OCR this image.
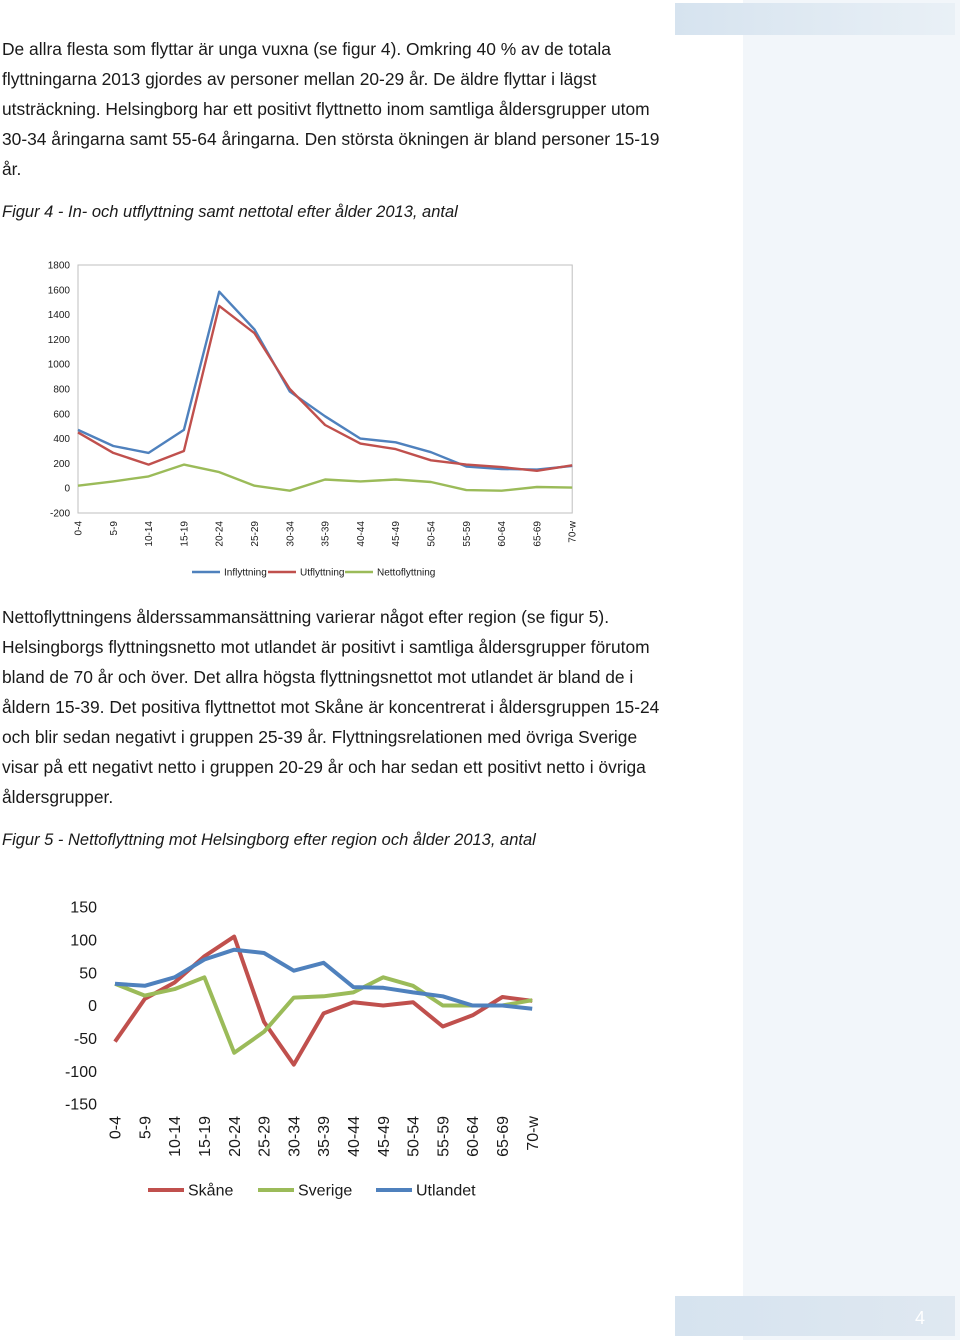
De allra flesta som flyttar är unga vuxna (se figur 4). Omkring 40 % av de totala flyttningarna 2013 gjordes av personer mellan 20-29 år. De äldre flyttar i lägst utsträckning. Helsingborg har ett positivt flyttnetto inom samtliga åldersgrupper utom 30-34 åringarna samt 55-64 åringarna. Den största ökningen är bland personer 15-19 år.

Figur 4 - In- och utflyttning samt nettotal efter ålder 2013, antal

-200
0
200
400
600
800
1000
1200
1400
1600
1800
0-4 5-9 10-14 15-19 20-24 25-29 30-34 35-39 40-44 45-49 50-54 55-59 60-64 65-69 70-w
Inflyttning	Utflyttning	Nettoflyttning

Nettoflyttningens ålderssammansättning varierar något efter region (se figur 5). Helsingborgs flyttningsnetto mot utlandet är positivt i samtliga åldersgrupper förutom bland de 70 år och över. Det allra högsta flyttningsnettot mot utlandet är bland de i åldern 15-39. Det positiva flyttnettot mot Skåne är koncentrerat i åldersgruppen 15-24 och blir sedan negativt i gruppen 25-39 år. Flyttningsrelationen med övriga Sverige visar på ett negativt netto i gruppen 20-29 år och har sedan ett positivt netto i övriga åldersgrupper.

Figur 5 - Nettoflyttning mot Helsingborg efter region och ålder 2013, antal

-150
-100
-50
0
50
100
150
0-4 5-9 10-14 15-19 20-24 25-29 30-34 35-39 40-44 45-49 50-54 55-59 60-64 65-69 70-w
Skåne	Sverige	Utlandet
4
